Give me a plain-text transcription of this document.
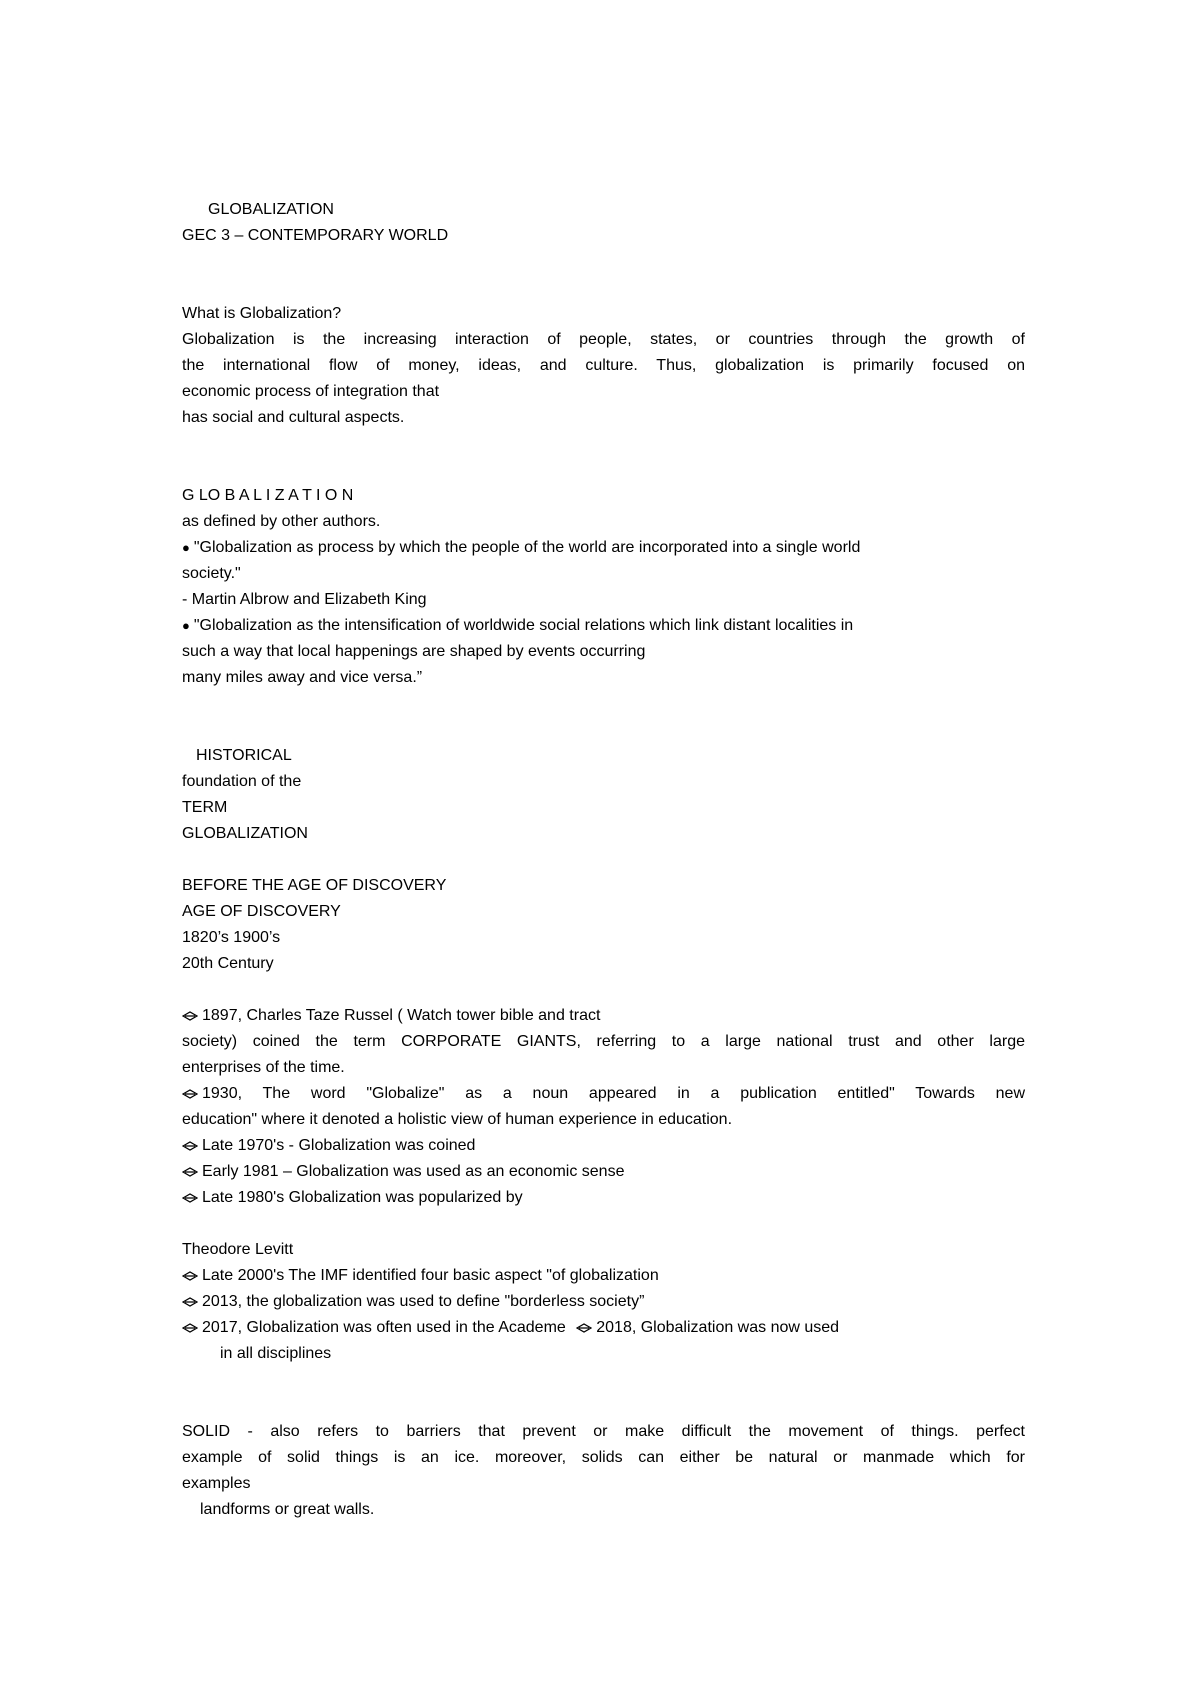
GLOBALIZATION
GEC 3 – CONTEMPORARY WORLD
What is Globalization?
Globalization is the increasing interaction of people, states, or countries through the growth of
the international flow of money, ideas, and culture. Thus, globalization is primarily focused on
economic process of integration that
has social and cultural aspects.
G LO B A L I Z A T I O N
as defined by other authors.
● "Globalization as process by which the people of the world are incorporated into a single world
society."
- Martin Albrow and Elizabeth King
● "Globalization as the intensification of worldwide social relations which link distant localities in
such a way that local happenings are shaped by events occurring
many miles away and vice versa.”
HISTORICAL
foundation of the
TERM
GLOBALIZATION
BEFORE THE AGE OF DISCOVERY
AGE OF DISCOVERY
1820’s 1900’s
20th Century
1897, Charles Taze Russel ( Watch tower bible and tract
society) coined the term CORPORATE GIANTS, referring to a large national trust and other large
enterprises of the time.
1930, The word "Globalize" as a noun appeared in a publication entitled" Towards new
education" where it denoted a holistic view of human experience in education.
Late 1970's - Globalization was coined
Early 1981 – Globalization was used as an economic sense
Late 1980's Globalization was popularized by
Theodore Levitt
Late 2000's The IMF identified four basic aspect "of globalization
2013, the globalization was used to define "borderless society”
2017, Globalization was often used in the Academe 2018, Globalization was now used
in all disciplines
SOLID - also refers to barriers that prevent or make difficult the movement of things. perfect
example of solid things is an ice. moreover, solids can either be natural or manmade which for
examples
landforms or great walls.
